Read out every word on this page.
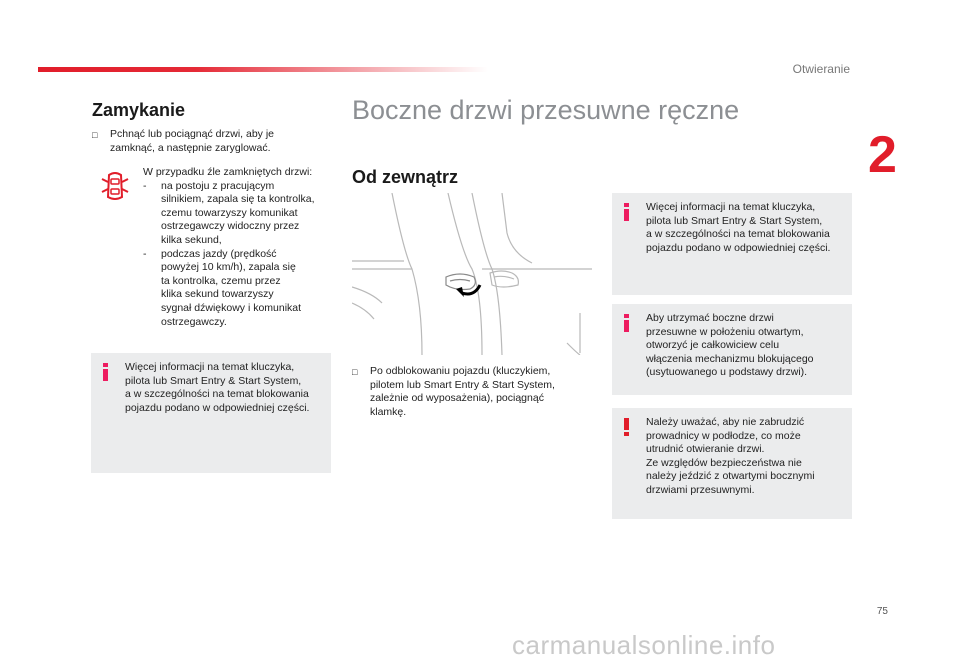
Otwieranie
2
Zamykanie
□	Pchnąć lub pociągnąć drzwi, aby je
zamknąć, a następnie zaryglować.
W przypadku źle zamkniętych drzwi:
-	na postoju z pracującym
silnikiem, zapala się ta kontrolka,
czemu towarzyszy komunikat
ostrzegawczy widoczny przez
kilka sekund,
-	podczas jazdy (prędkość
powyżej 10 km/h), zapala się
ta kontrolka, czemu przez
klika sekund towarzyszy
sygnał dźwiękowy i komunikat
ostrzegawczy.
Więcej informacji na temat kluczyka,
pilota lub Smart Entry & Start System,
a w szczególności na temat blokowania
pojazdu podano w odpowiedniej części.
Boczne drzwi przesuwne ręczne
Od zewnątrz
□	Po odblokowaniu pojazdu (kluczykiem,
pilotem lub Smart Entry & Start System,
zależnie od wyposażenia), pociągnąć
klamkę.
Więcej informacji na temat kluczyka,
pilota lub Smart Entry & Start System,
a w szczególności na temat blokowania
pojazdu podano w odpowiedniej części.
Aby utrzymać boczne drzwi
przesuwne w położeniu otwartym,
otworzyć je całkowiciew celu
włączenia mechanizmu blokującego
(usytuowanego u podstawy drzwi).
Należy uważać, aby nie zabrudzić
prowadnicy w podłodze, co może
utrudnić otwieranie drzwi.
Ze względów bezpieczeństwa nie
należy jeździć z otwartymi bocznymi
drzwiami przesuwnymi.
75
carmanualsonline.info
